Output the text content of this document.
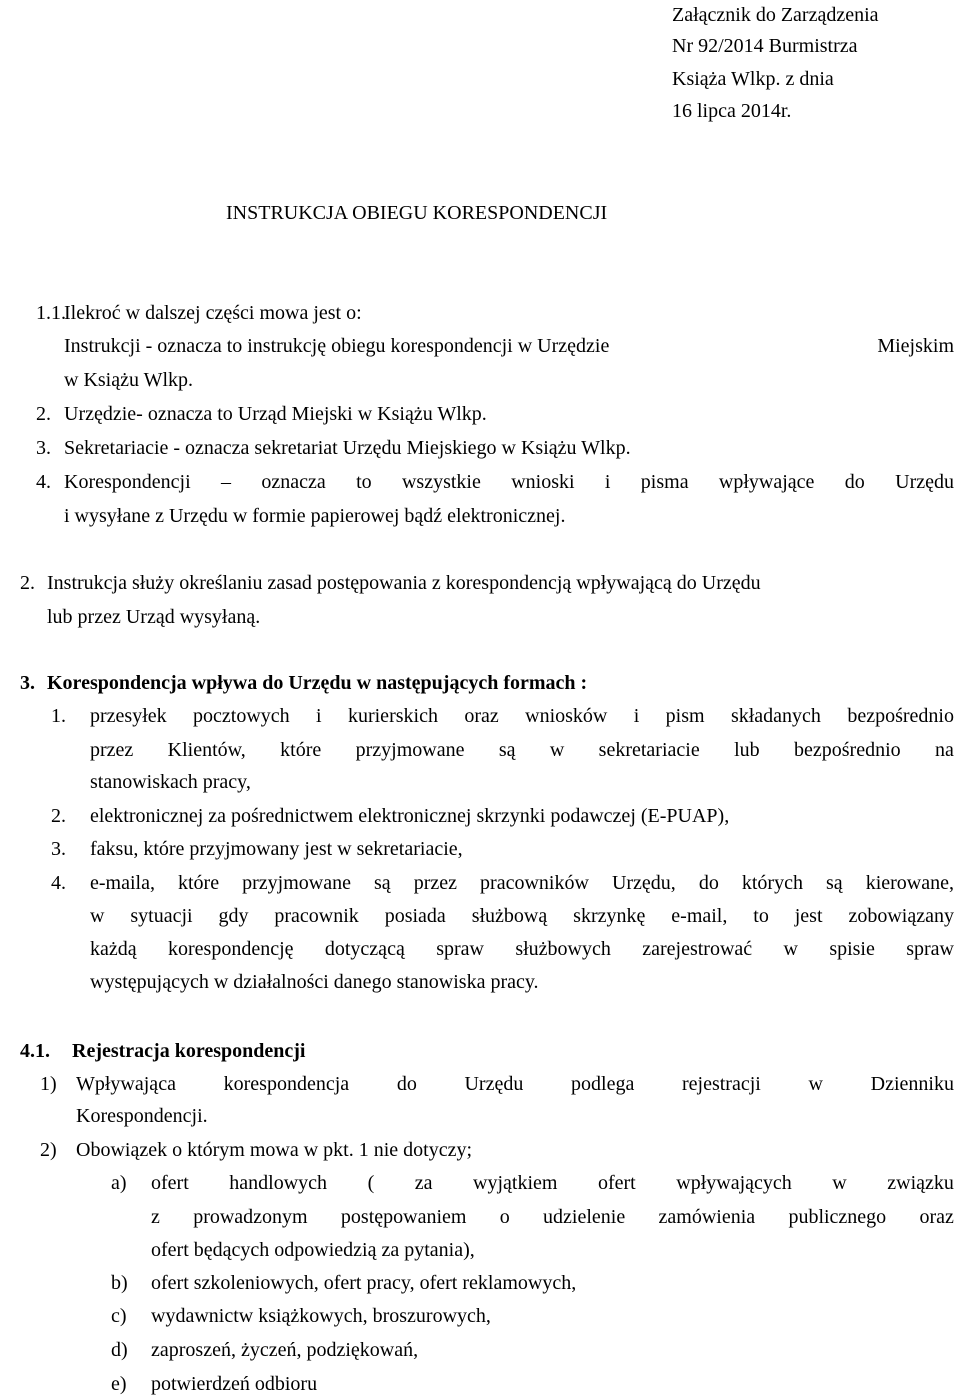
Załącznik do Zarządzenia
Nr 92/2014 Burmistrza
Książa Wlkp. z dnia
16 lipca 2014r.
INSTRUKCJA OBIEGU KORESPONDENCJI
1.1.
Ilekroć w dalszej części mowa jest o:
Instrukcji - oznacza to instrukcję obiegu korespondencji w Urzędzie	Miejskim
w Książu Wlkp.
2. Urzędzie- oznacza to Urząd Miejski w Książu Wlkp.
3. Sekretariacie - oznacza sekretariat Urzędu Miejskiego w Książu Wlkp.
4. Korespondencji – oznacza to wszystkie wnioski i pisma wpływające do Urzędu
i wysyłane z Urzędu w formie papierowej bądź elektronicznej.
2. Instrukcja służy określaniu zasad postępowania z korespondencją wpływającą do Urzędu
lub przez Urząd wysyłaną.
3. Korespondencja wpływa do Urzędu w następujących formach :
1. przesyłek pocztowych i kurierskich oraz wniosków i pism składanych bezpośrednio
przez Klientów, które przyjmowane są w sekretariacie lub bezpośrednio na
stanowiskach pracy,
2. elektronicznej za pośrednictwem elektronicznej skrzynki podawczej (E-PUAP),
3. faksu, które przyjmowany jest w sekretariacie,
4. e-maila, które przyjmowane są przez pracowników Urzędu, do których są kierowane,
w sytuacji gdy pracownik posiada służbową skrzynkę e-mail, to jest zobowiązany
każdą korespondencję dotyczącą spraw służbowych zarejestrować w spisie spraw
występujących w działalności danego stanowiska pracy.
4.1. Rejestracja korespondencji
1) Wpływająca korespondencja do Urzędu podlega rejestracji w Dzienniku
Korespondencji.
2) Obowiązek o którym mowa w pkt. 1 nie dotyczy;
a) ofert handlowych ( za wyjątkiem ofert wpływających w związku
z prowadzonym postępowaniem o udzielenie zamówienia publicznego oraz
ofert będących odpowiedzią za pytania),
b) ofert szkoleniowych, ofert pracy, ofert reklamowych,
c) wydawnictw książkowych, broszurowych,
d) zaproszeń, życzeń, podziękowań,
e) potwierdzeń odbioru
